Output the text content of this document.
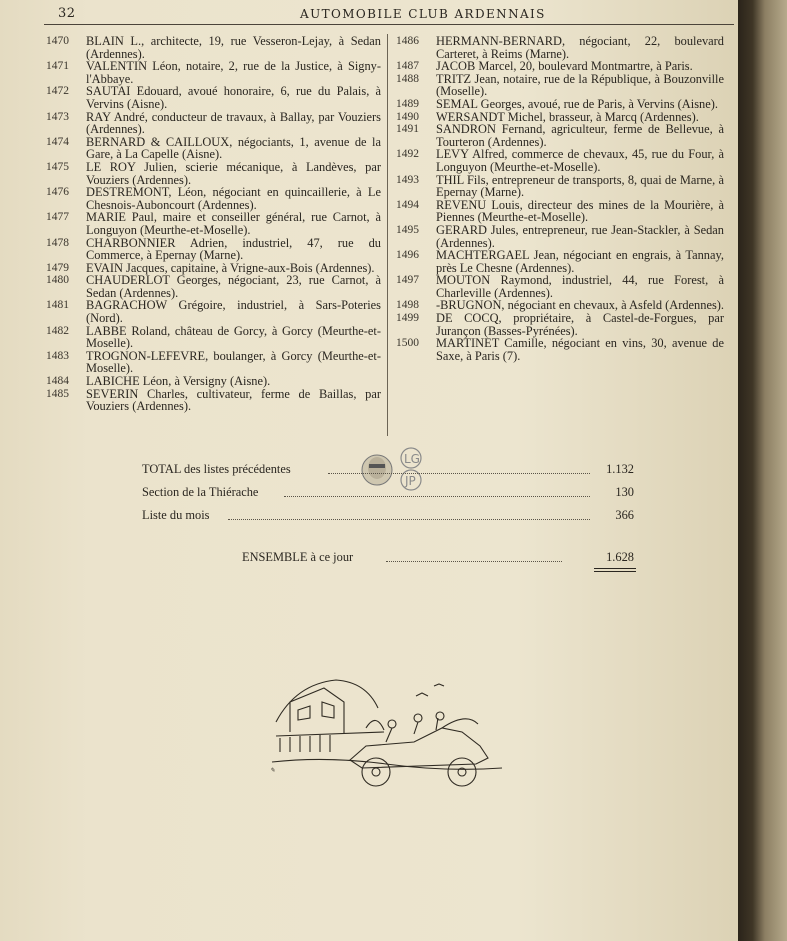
32	AUTOMOBILE CLUB ARDENNAIS
1470	BLAIN L., architecte, 19, rue Vesseron-Lejay, à Sedan (Ardennes).
1471	VALENTIN Léon, notaire, 2, rue de la Justice, à Signy-l'Abbaye.
1472	SAUTAI Edouard, avoué honoraire, 6, rue du Palais, à Vervins (Aisne).
1473	RAY André, conducteur de travaux, à Ballay, par Vouziers (Ardennes).
1474	BERNARD & CAILLOUX, négociants, 1, avenue de la Gare, à La Capelle (Aisne).
1475	LE ROY Julien, scierie mécanique, à Landèves, par Vouziers (Ardennes).
1476	DESTREMONT, Léon, négociant en quincaillerie, à Le Chesnois-Auboncourt (Ardennes).
1477	MARIE Paul, maire et conseiller général, rue Carnot, à Longuyon (Meurthe-et-Moselle).
1478	CHARBONNIER Adrien, industriel, 47, rue du Commerce, à Epernay (Marne).
1479	EVAIN Jacques, capitaine, à Vrigne-aux-Bois (Ardennes).
1480	CHAUDERLOT Georges, négociant, 23, rue Carnot, à Sedan (Ardennes).
1481	BAGRACHOW Grégoire, industriel, à Sars-Poteries (Nord).
1482	LABBE Roland, château de Gorcy, à Gorcy (Meurthe-et-Moselle).
1483	TROGNON-LEFEVRE, boulanger, à Gorcy (Meurthe-et-Moselle).
1484	LABICHE Léon, à Versigny (Aisne).
1485	SEVERIN Charles, cultivateur, ferme de Baillas, par Vouziers (Ardennes).
1486	HERMANN-BERNARD, négociant, 22, boulevard Carteret, à Reims (Marne).
1487	JACOB Marcel, 20, boulevard Montmartre, à Paris.
1488	TRITZ Jean, notaire, rue de la République, à Bouzonville (Moselle).
1489	SEMAL Georges, avoué, rue de Paris, à Vervins (Aisne).
1490	WERSANDT Michel, brasseur, à Marcq (Ardennes).
1491	SANDRON Fernand, agriculteur, ferme de Bellevue, à Tourteron (Ardennes).
1492	LEVY Alfred, commerce de chevaux, 45, rue du Four, à Longuyon (Meurthe-et-Moselle).
1493	THIL Fils, entrepreneur de transports, 8, quai de Marne, à Epernay (Marne).
1494	REVENU Louis, directeur des mines de la Mourière, à Piennes (Meurthe-et-Moselle).
1495	GERARD Jules, entrepreneur, rue Jean-Stackler, à Sedan (Ardennes).
1496	MACHTERGAEL Jean, négociant en engrais, à Tannay, près Le Chesne (Ardennes).
1497	MOUTON Raymond, industriel, 44, rue Forest, à Charleville (Ardennes).
1498	-BRUGNON, négociant en chevaux, à Asfeld (Ardennes).
1499	DE COCQ, propriétaire, à Castel-de-Forgues, par Jurançon (Basses-Pyrénées).
1500	MARTINET Camille, négociant en vins, 30, avenue de Saxe, à Paris (7).
LG
JP
TOTAL des listes précédentes	1.132
Section de la Thiérache	130
Liste du mois	366
ENSEMBLE à ce jour	1.628
✎
